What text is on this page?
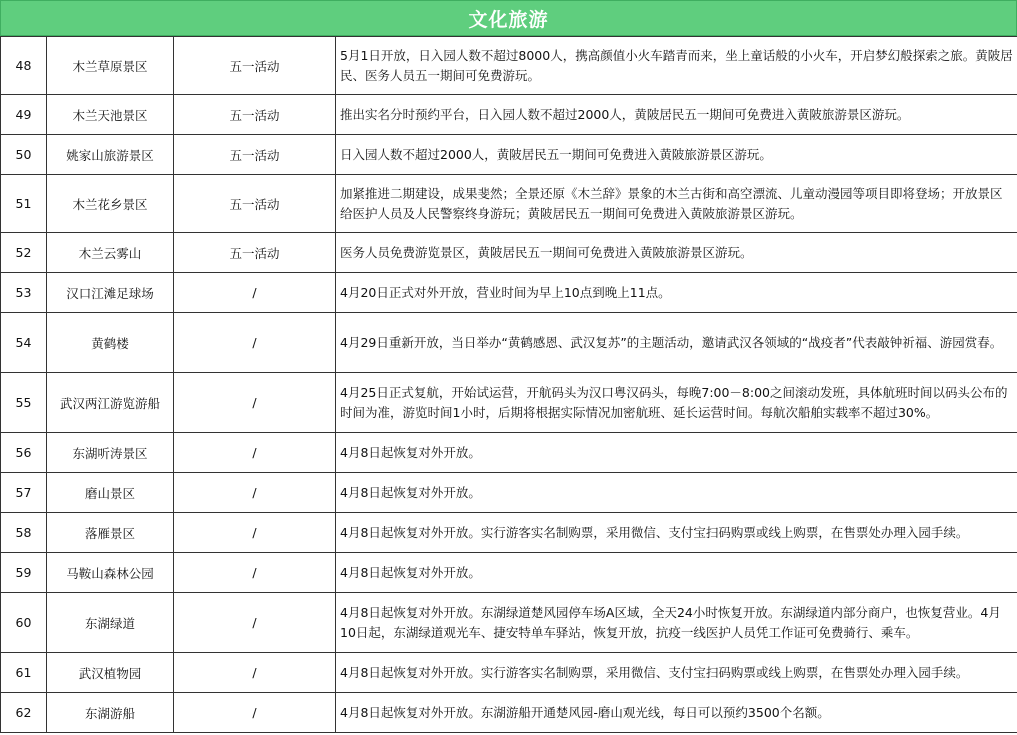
文化旅游
48	木兰草原景区	五一活动	5月1日开放，日入园人数不超过8000人，携高颜值小火车踏青而来，坐上童话般的小火车，开启梦幻般探索之旅。黄陂居民、医务人员五一期间可免费游玩。
49	木兰天池景区	五一活动	推出实名分时预约平台，日入园人数不超过2000人，黄陂居民五一期间可免费进入黄陂旅游景区游玩。
50	姚家山旅游景区	五一活动	日入园人数不超过2000人，黄陂居民五一期间可免费进入黄陂旅游景区游玩。
51	木兰花乡景区	五一活动	加紧推进二期建设，成果斐然；全景还原《木兰辞》景象的木兰古街和高空漂流、儿童动漫园等项目即将登场；开放景区给医护人员及人民警察终身游玩；黄陂居民五一期间可免费进入黄陂旅游景区游玩。
52	木兰云雾山	五一活动	医务人员免费游览景区，黄陂居民五一期间可免费进入黄陂旅游景区游玩。
53	汉口江滩足球场	/	4月20日正式对外开放，营业时间为早上10点到晚上11点。
54	黄鹤楼	/	4月29日重新开放，当日举办“黄鹤感恩、武汉复苏”的主题活动，邀请武汉各领域的“战疫者”代表敲钟祈福、游园赏春。
55	武汉两江游览游船	/	4月25日正式复航，开始试运营，开航码头为汉口粤汉码头，每晚7:00－8:00之间滚动发班，具体航班时间以码头公布的时间为准，游览时间1小时，后期将根据实际情况加密航班、延长运营时间。每航次船舶实载率不超过30%。
56	东湖听涛景区	/	4月8日起恢复对外开放。
57	磨山景区	/	4月8日起恢复对外开放。
58	落雁景区	/	4月8日起恢复对外开放。实行游客实名制购票，采用微信、支付宝扫码购票或线上购票，在售票处办理入园手续。
59	马鞍山森林公园	/	4月8日起恢复对外开放。
60	东湖绿道	/	4月8日起恢复对外开放。东湖绿道楚风园停车场A区域，全天24小时恢复开放。东湖绿道内部分商户，也恢复营业。4月10日起，东湖绿道观光车、捷安特单车驿站，恢复开放，抗疫一线医护人员凭工作证可免费骑行、乘车。
61	武汉植物园	/	4月8日起恢复对外开放。实行游客实名制购票，采用微信、支付宝扫码购票或线上购票，在售票处办理入园手续。
62	东湖游船	/	4月8日起恢复对外开放。东湖游船开通楚风园-磨山观光线，每日可以预约3500个名额。
